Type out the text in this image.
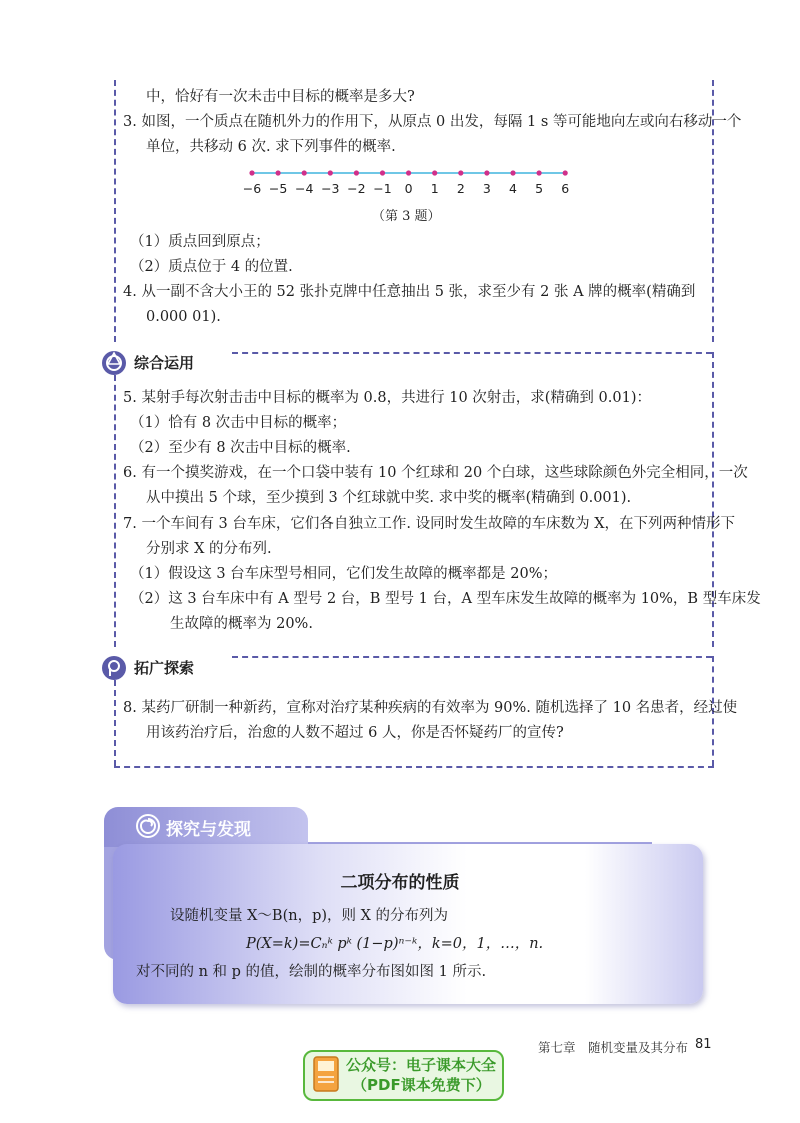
中，恰好有一次未击中目标的概率是多大?
3. 如图，一个质点在随机外力的作用下，从原点 0 出发，每隔 1 s 等可能地向左或向右移动一个
单位，共移动 6 次. 求下列事件的概率.
−6 −5 −4 −3 −2 −1 0 1 2 3 4 5 6
（第 3 题）
（1）质点回到原点；
（2）质点位于 4 的位置.
4. 从一副不含大小王的 52 张扑克牌中任意抽出 5 张，求至少有 2 张 A 牌的概率(精确到
0.000 01).
综合运用
5. 某射手每次射击击中目标的概率为 0.8，共进行 10 次射击，求(精确到 0.01)：
（1）恰有 8 次击中目标的概率；
（2）至少有 8 次击中目标的概率.
6. 有一个摸奖游戏，在一个口袋中装有 10 个红球和 20 个白球，这些球除颜色外完全相同，一次
从中摸出 5 个球，至少摸到 3 个红球就中奖. 求中奖的概率(精确到 0.001).
7. 一个车间有 3 台车床，它们各自独立工作. 设同时发生故障的车床数为 X，在下列两种情形下
分别求 X 的分布列.
（1）假设这 3 台车床型号相同，它们发生故障的概率都是 20%；
（2）这 3 台车床中有 A 型号 2 台，B 型号 1 台，A 型车床发生故障的概率为 10%，B 型车床发
生故障的概率为 20%.
拓广探索
8. 某药厂研制一种新药，宣称对治疗某种疾病的有效率为 90%. 随机选择了 10 名患者，经过使
用该药治疗后，治愈的人数不超过 6 人，你是否怀疑药厂的宣传?
探究与发现
二项分布的性质
设随机变量 X～B(n，p)，则 X 的分布列为
P(X=k)=Cₙᵏ pᵏ (1−p)ⁿ⁻ᵏ，k=0，1，…，n.
对不同的 n 和 p 的值，绘制的概率分布图如图 1 所示.
第七章　随机变量及其分布 81
公众号：电子课本大全
（PDF课本免费下）
